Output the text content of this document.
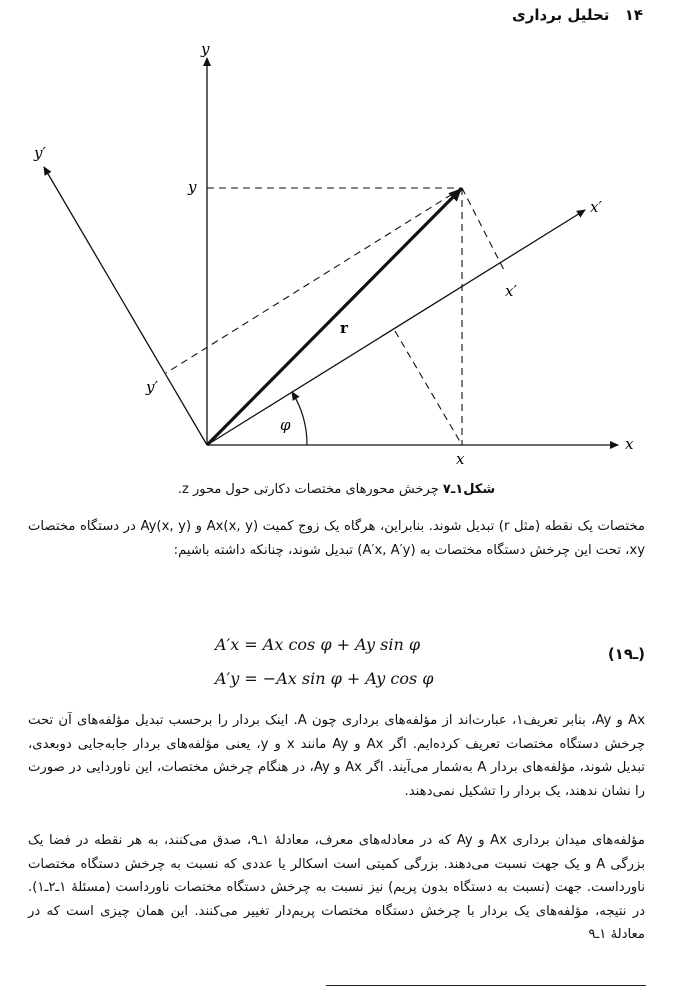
۱۴ تحلیل برداری
y
y′
x
x′
y
x
x′
y′
r
φ
شکل۱ـ۷ چرخش محورهای مختصات دکارتی حول محور z.
مختصات یک نقطه (مثل r) تبدیل شوند. بنابراین، هرگاه یک زوج کمیت Ax(x, y) و Ay(x, y) در دستگاه مختصات xy، تحت این چرخش دستگاه مختصات به (A′x, A′y) تبدیل شوند، چنانکه داشته باشیم:
A′x = Ax cos φ + Ay sin φ
A′y = −Ax sin φ + Ay cos φ
(۱ـ۹)
Ax و Ay، بنابر تعریف۱، عبارت‌اند از مؤلفه‌های برداری چون A. اینک بردار را برحسب تبدیل مؤلفه‌های آن تحت چرخش دستگاه مختصات تعریف کرده‌ایم. اگر Ax و Ay مانند x و y، یعنی مؤلفه‌های بردار جابه‌جایی دوبعدی، تبدیل شوند، مؤلفه‌های بردار A به‌شمار می‌آیند. اگر Ax و Ay، در هنگام چرخش مختصات، این ناوردایی در صورت را نشان ندهند، یک بردار را تشکیل نمی‌دهند.
مؤلفه‌های میدان برداری Ax و Ay که در معادله‌های معرف، معادلهٔ ۱ـ۹، صدق می‌کنند، به هر نقطه در فضا یک بزرگی A و یک جهت نسبت می‌دهند. بزرگی کمیتی است اسکالر یا عددی که نسبت به چرخش دستگاه مختصات ناورداست. جهت (نسبت به دستگاه بدون پریم) نیز نسبت به چرخش دستگاه مختصات ناورداست (مسئلهٔ ۱ـ۲ـ۱). در نتیجه، مؤلفه‌های یک بردار با چرخش دستگاه مختصات پریم‌دار تغییر می‌کنند. این همان چیزی است که در معادلهٔ ۱ـ۹
